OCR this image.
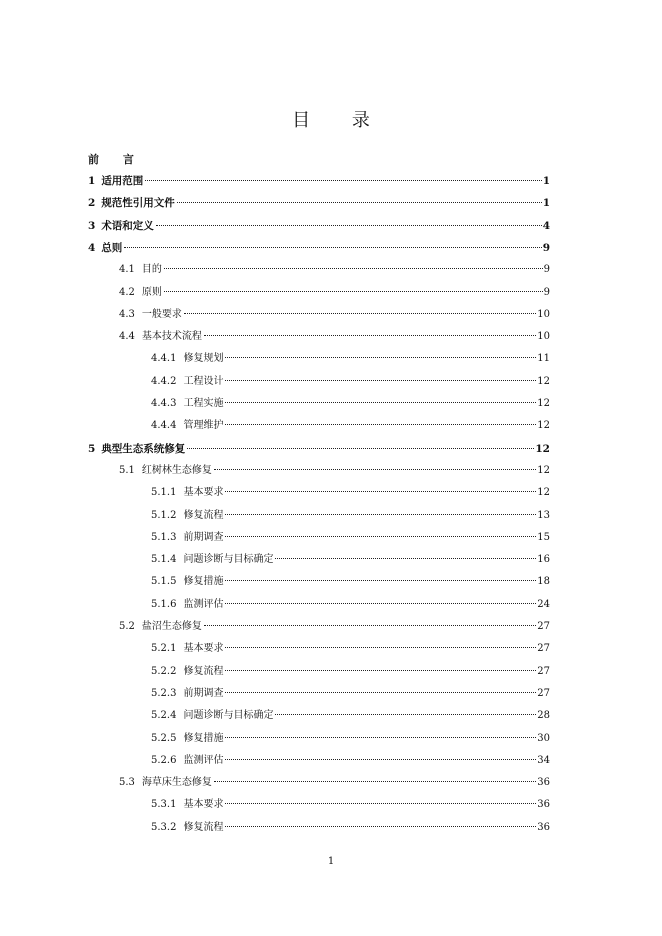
目 录
前 言
1 适用范围	1
2 规范性引用文件	1
3 术语和定义	4
4 总则	9
4.1 目的	9
4.2 原则	9
4.3 一般要求	10
4.4 基本技术流程	10
4.4.1 修复规划	11
4.4.2 工程设计	12
4.4.3 工程实施	12
4.4.4 管理维护	12
5 典型生态系统修复	12
5.1 红树林生态修复	12
5.1.1 基本要求	12
5.1.2 修复流程	13
5.1.3 前期调查	15
5.1.4 问题诊断与目标确定	16
5.1.5 修复措施	18
5.1.6 监测评估	24
5.2 盐沼生态修复	27
5.2.1 基本要求	27
5.2.2 修复流程	27
5.2.3 前期调查	27
5.2.4 问题诊断与目标确定	28
5.2.5 修复措施	30
5.2.6 监测评估	34
5.3 海草床生态修复	36
5.3.1 基本要求	36
5.3.2 修复流程	36
1
